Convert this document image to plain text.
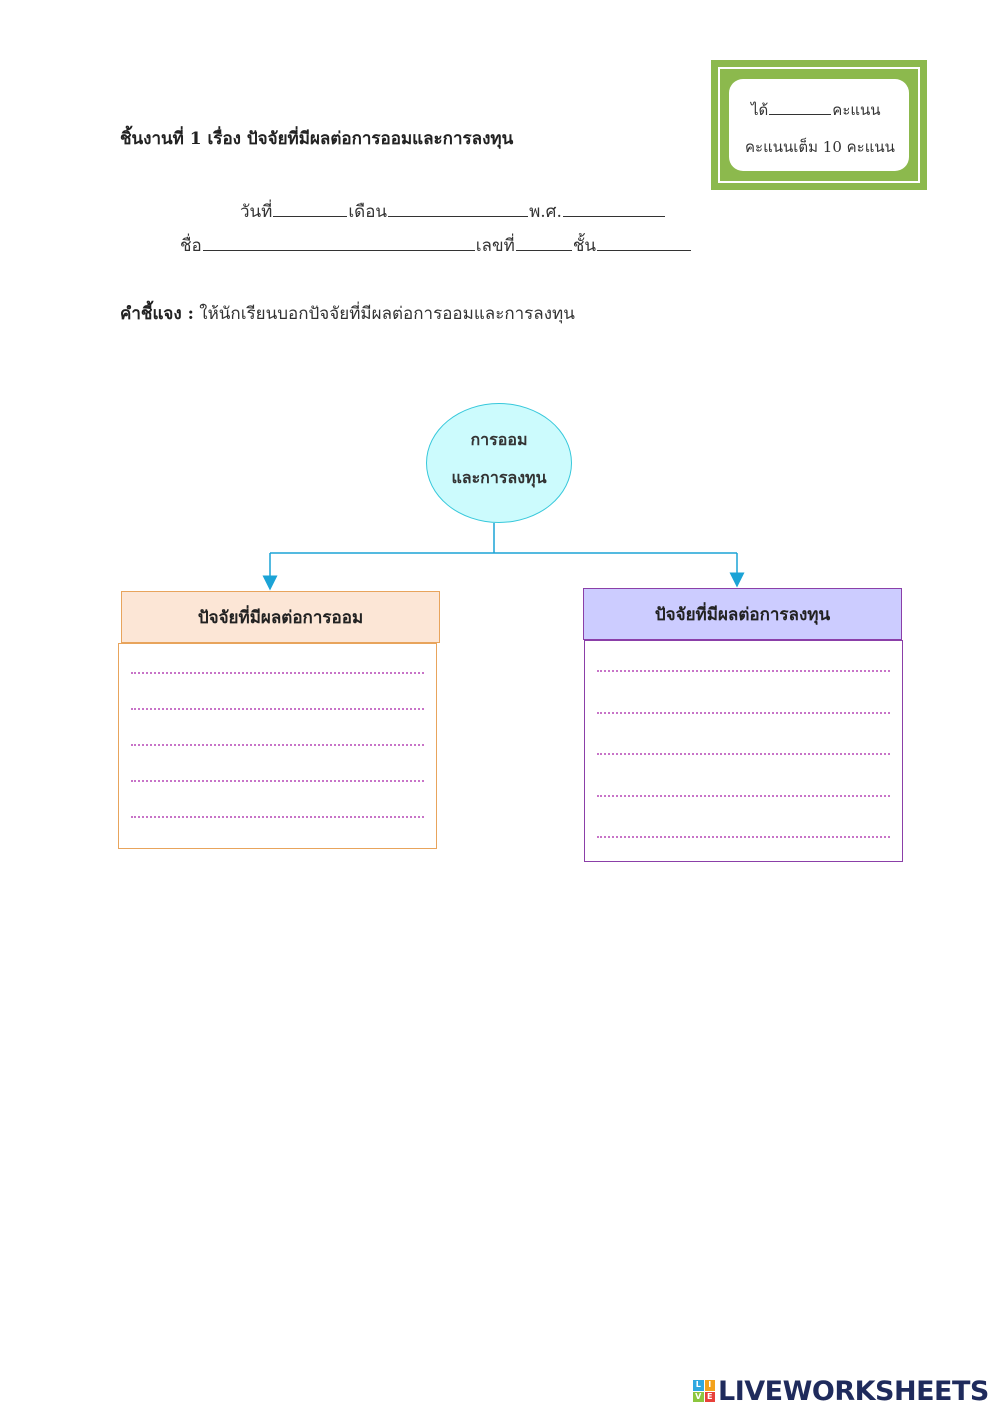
ได้	คะแนน
คะแนนเต็ม 10 คะแนน
ชิ้นงานที่ 1 เรื่อง ปัจจัยที่มีผลต่อการออมและการลงทุน
วันที่	เดือน	พ.ศ.
ชื่อ	เลขที่	ชั้น
คำชี้แจง : ให้นักเรียนบอกปัจจัยที่มีผลต่อการออมและการลงทุน
การออม
และการลงทุน
ปัจจัยที่มีผลต่อการออม	ปัจจัยที่มีผลต่อการลงทุน
L I
V E LIVEWORKSHEETS
